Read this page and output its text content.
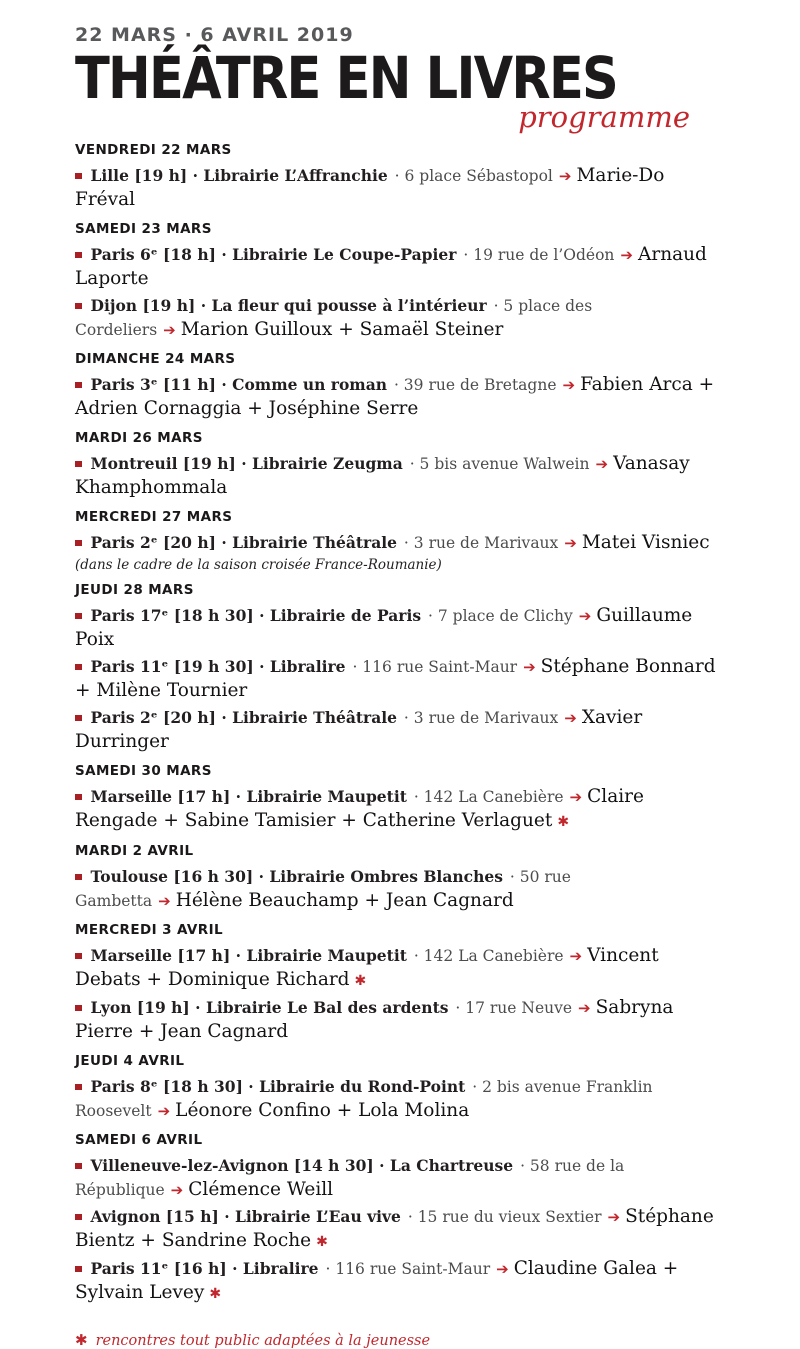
22 MARS · 6 AVRIL 2019
THÉÂTRE EN LIVRES
programme
VENDREDI 22 MARS

Lille [19 h] · Librairie L’Affranchie · 6 place Sébastopol ➔ Marie-Do Fréval

SAMEDI 23 MARS

Paris 6ᵉ [18 h] · Librairie Le Coupe-Papier · 19 rue de l’Odéon ➔ Arnaud Laporte

Dijon [19 h] · La fleur qui pousse à l’intérieur · 5 place des Cordeliers ➔ Marion Guilloux + Samaël Steiner

DIMANCHE 24 MARS

Paris 3ᵉ [11 h] · Comme un roman · 39 rue de Bretagne ➔ Fabien Arca + Adrien Cornaggia + Joséphine Serre

MARDI 26 MARS

Montreuil [19 h] · Librairie Zeugma · 5 bis avenue Walwein ➔ Vanasay Khamphommala

MERCREDI 27 MARS

Paris 2ᵉ [20 h] · Librairie Théâtrale · 3 rue de Marivaux ➔ Matei Visniec

(dans le cadre de la saison croisée France-Roumanie)

JEUDI 28 MARS

Paris 17ᵉ [18 h 30] · Librairie de Paris · 7 place de Clichy ➔ Guillaume Poix

Paris 11ᵉ [19 h 30] · Libralire · 116 rue Saint-Maur ➔ Stéphane Bonnard + Milène Tournier

Paris 2ᵉ [20 h] · Librairie Théâtrale · 3 rue de Marivaux ➔ Xavier Durringer

SAMEDI 30 MARS

Marseille [17 h] · Librairie Maupetit · 142 La Canebière ➔ Claire Rengade + Sabine Tamisier + Catherine Verlaguet ✱

MARDI 2 AVRIL

Toulouse [16 h 30] · Librairie Ombres Blanches · 50 rue Gambetta ➔ Hélène Beauchamp + Jean Cagnard

MERCREDI 3 AVRIL

Marseille [17 h] · Librairie Maupetit · 142 La Canebière ➔ Vincent Debats + Dominique Richard ✱

Lyon [19 h] · Librairie Le Bal des ardents · 17 rue Neuve ➔ Sabryna Pierre + Jean Cagnard

JEUDI 4 AVRIL

Paris 8ᵉ [18 h 30] · Librairie du Rond-Point · 2 bis avenue Franklin Roosevelt ➔ Léonore Confino + Lola Molina

SAMEDI 6 AVRIL

Villeneuve-lez-Avignon [14 h 30] · La Chartreuse · 58 rue de la République ➔ Clémence Weill

Avignon [15 h] · Librairie L’Eau vive · 15 rue du vieux Sextier ➔ Stéphane Bientz + Sandrine Roche ✱

Paris 11ᵉ [16 h] · Libralire · 116 rue Saint-Maur ➔ Claudine Galea + Sylvain Levey ✱

✱ rencontres tout public adaptées à la jeunesse
